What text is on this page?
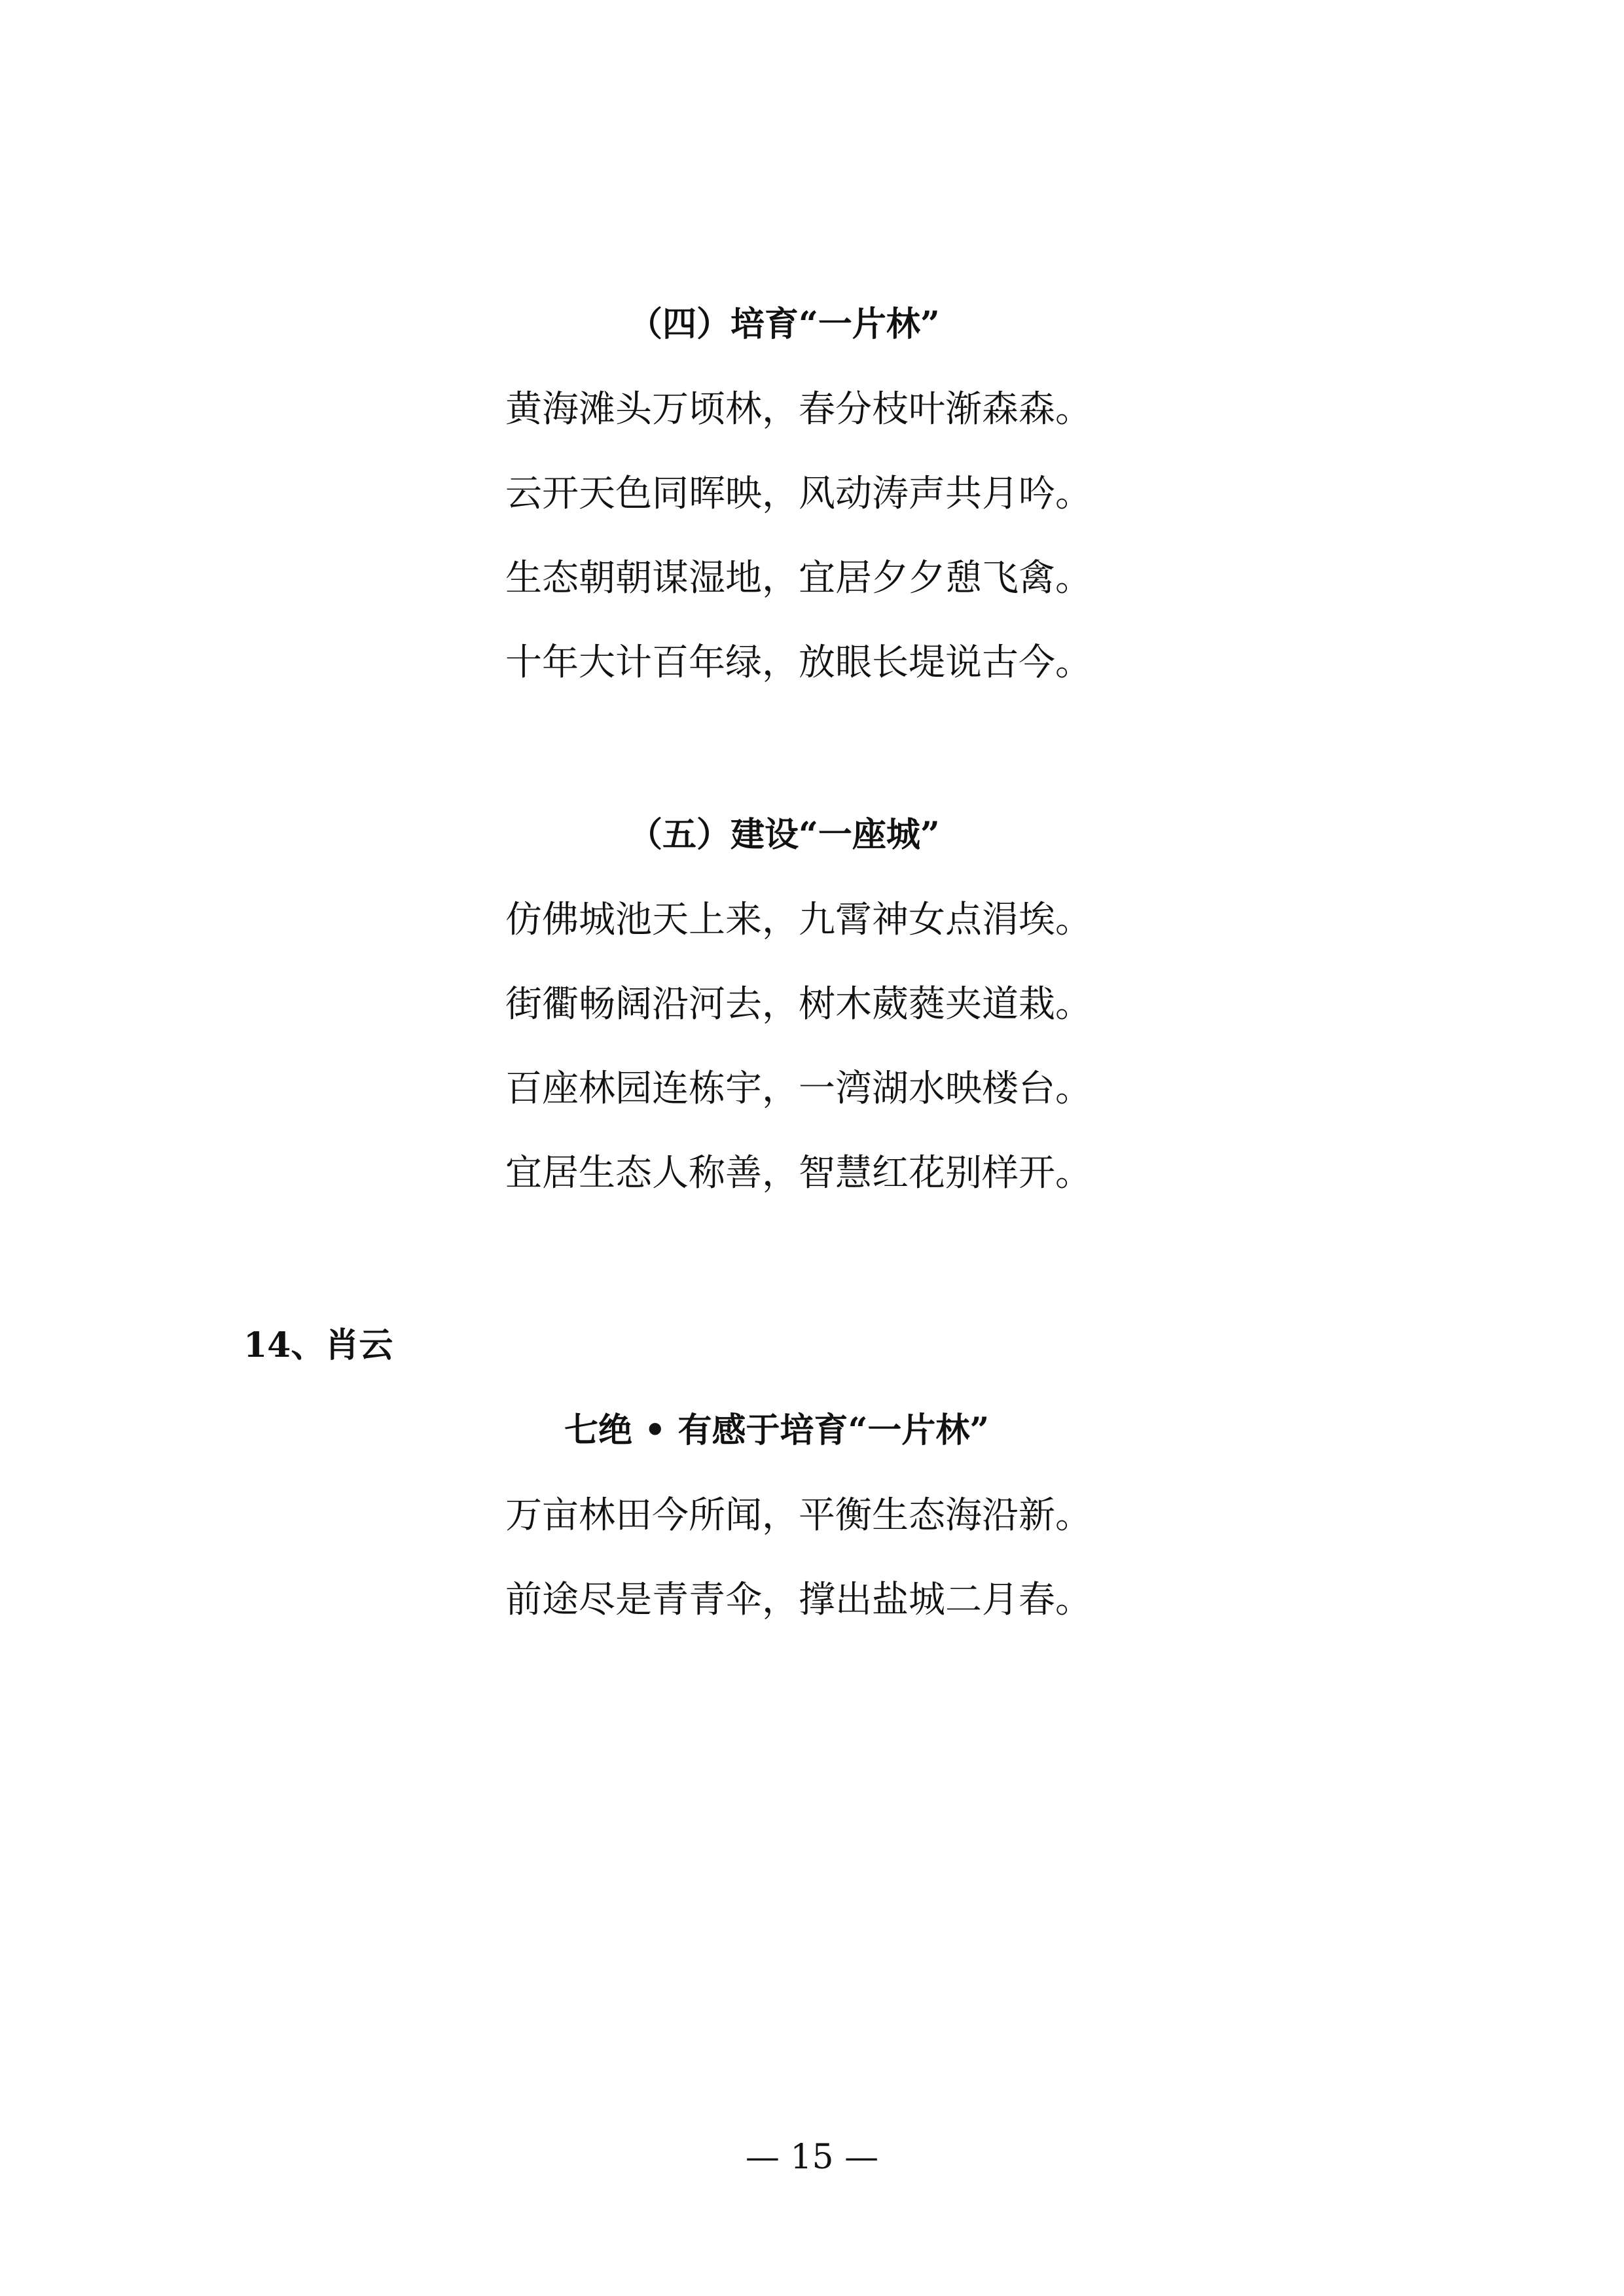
（四）培育“一片林”
黄海滩头万顷林，春分枝叶渐森森。
云开天色同晖映，风动涛声共月吟。
生态朝朝谋湿地，宜居夕夕憩飞禽。
十年大计百年绿，放眼长堤说古今。
（五）建设“一座城”
仿佛城池天上来，九霄神女点涓埃。
街衢畅阔沿河去，树木葳蕤夹道栽。
百座林园连栋宇，一湾湖水映楼台。
宜居生态人称善，智慧红花别样开。
14、肖云
七绝 • 有感于培育“一片林”
万亩林田今所闻，平衡生态海沿新。
前途尽是青青伞，撑出盐城二月春。
— 15 —
